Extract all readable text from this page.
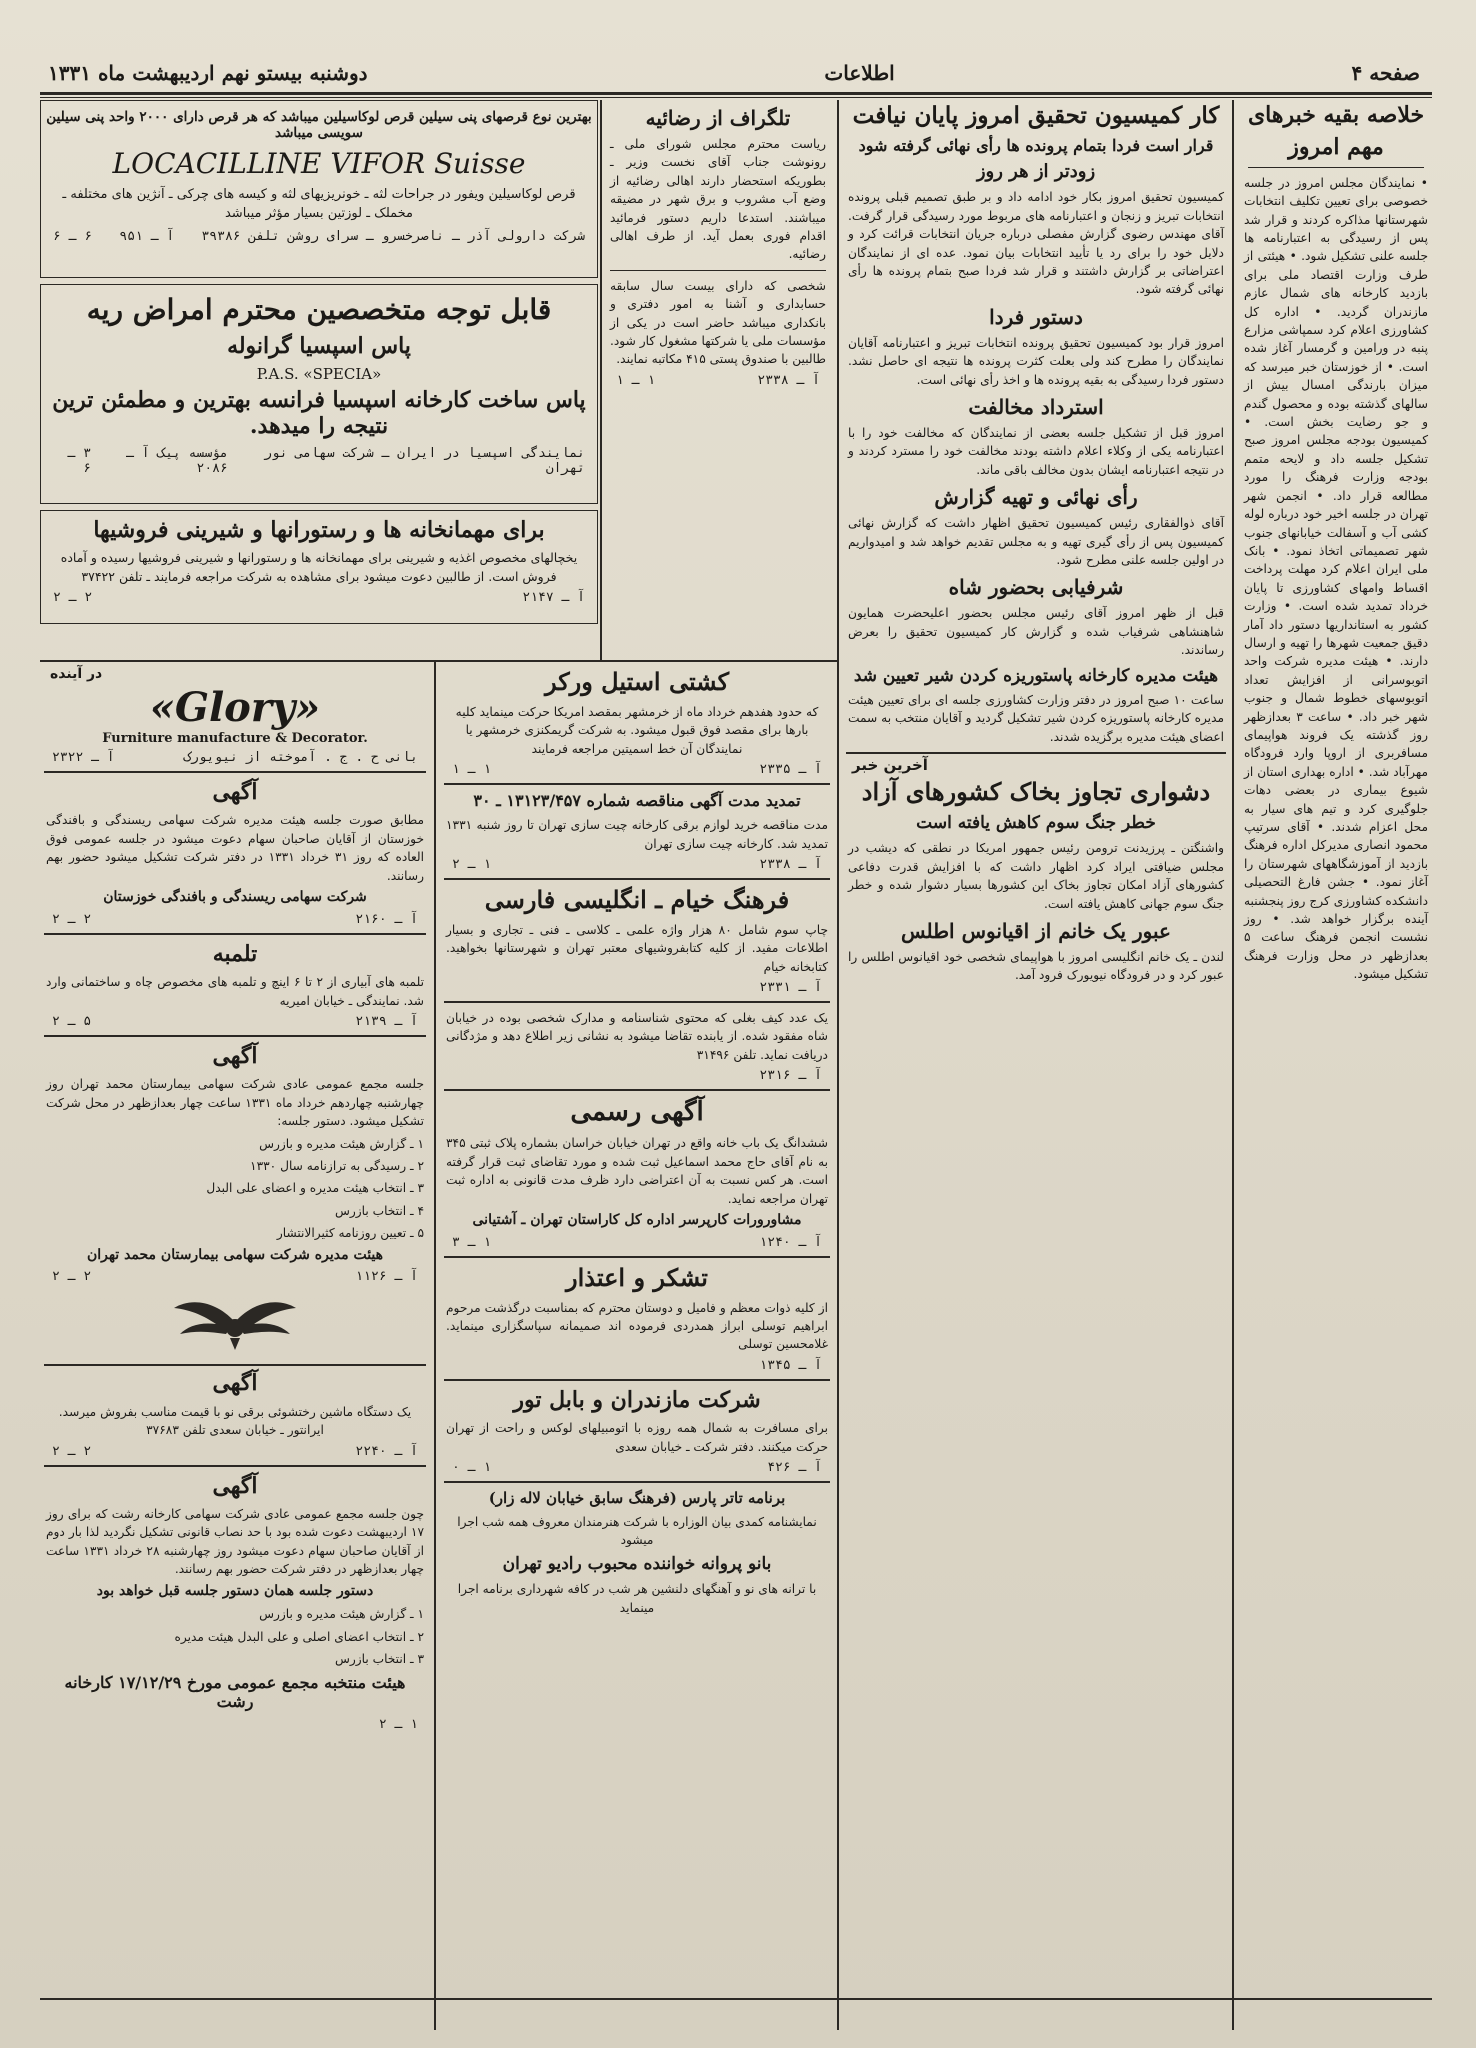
صفحه ۴
اطلاعات
دوشنبه بیستو نهم اردیبهشت ماه ۱۳۳۱
خلاصه بقیه خبرهای
مهم امروز

• نمایندگان مجلس امروز در جلسه خصوصی برای تعیین تکلیف انتخابات شهرستانها مذاکره کردند و قرار شد پس از رسیدگی به اعتبارنامه ها جلسه علنی تشکیل شود. • هیئتی از طرف وزارت اقتصاد ملی برای بازدید کارخانه های شمال عازم مازندران گردید. • اداره کل کشاورزی اعلام کرد سمپاشی مزارع پنبه در ورامین و گرمسار آغاز شده است. • از خوزستان خبر میرسد که میزان بارندگی امسال بیش از سالهای گذشته بوده و محصول گندم و جو رضایت بخش است. • کمیسیون بودجه مجلس امروز صبح تشکیل جلسه داد و لایحه متمم بودجه وزارت فرهنگ را مورد مطالعه قرار داد. • انجمن شهر تهران در جلسه اخیر خود درباره لوله کشی آب و آسفالت خیابانهای جنوب شهر تصمیماتی اتخاذ نمود. • بانک ملی ایران اعلام کرد مهلت پرداخت اقساط وامهای کشاورزی تا پایان خرداد تمدید شده است. • وزارت کشور به استانداریها دستور داد آمار دقیق جمعیت شهرها را تهیه و ارسال دارند. • هیئت مدیره شرکت واحد اتوبوسرانی از افزایش تعداد اتوبوسهای خطوط شمال و جنوب شهر خبر داد. • ساعت ۳ بعدازظهر روز گذشته یک فروند هواپیمای مسافربری از اروپا وارد فرودگاه مهرآباد شد. • اداره بهداری استان از شیوع بیماری در بعضی دهات جلوگیری کرد و تیم های سیار به محل اعزام شدند. • آقای سرتیپ محمود انصاری مدیرکل اداره فرهنگ بازدید از آموزشگاههای شهرستان را آغاز نمود. • جشن فارغ التحصیلی دانشکده کشاورزی کرج روز پنجشنبه آینده برگزار خواهد شد. • روز نشست انجمن فرهنگ ساعت ۵ بعدازظهر در محل وزارت فرهنگ تشکیل میشود.

کار کمیسیون تحقیق امروز پایان نیافت
قرار است فردا بتمام پرونده ها رأی نهائی گرفته شود
زودتر از هر روز

کمیسیون تحقیق امروز بکار خود ادامه داد و بر طبق تصمیم قبلی پرونده انتخابات تبریز و زنجان و اعتبارنامه های مربوط مورد رسیدگی قرار گرفت. آقای مهندس رضوی گزارش مفصلی درباره جریان انتخابات قرائت کرد و دلایل خود را برای رد یا تأیید انتخابات بیان نمود. عده ای از نمایندگان اعتراضاتی بر گزارش داشتند و قرار شد فردا صبح بتمام پرونده ها رأی نهائی گرفته شود.

دستور فردا

امروز قرار بود کمیسیون تحقیق پرونده انتخابات تبریز و اعتبارنامه آقایان نمایندگان را مطرح کند ولی بعلت کثرت پرونده ها نتیجه ای حاصل نشد. دستور فردا رسیدگی به بقیه پرونده ها و اخذ رأی نهائی است.

استرداد مخالفت

امروز قبل از تشکیل جلسه بعضی از نمایندگان که مخالفت خود را با اعتبارنامه یکی از وکلاء اعلام داشته بودند مخالفت خود را مسترد کردند و در نتیجه اعتبارنامه ایشان بدون مخالف باقی ماند.

رأی نهائی و تهیه گزارش

آقای ذوالفقاری رئیس کمیسیون تحقیق اظهار داشت که گزارش نهائی کمیسیون پس از رأی گیری تهیه و به مجلس تقدیم خواهد شد و امیدواریم در اولین جلسه علنی مطرح شود.

شرفیابی بحضور شاه

قبل از ظهر امروز آقای رئیس مجلس بحضور اعلیحضرت همایون شاهنشاهی شرفیاب شده و گزارش کار کمیسیون تحقیق را بعرض رساندند.

هیئت مدیره کارخانه پاستوریزه کردن شیر تعیین شد

ساعت ۱۰ صبح امروز در دفتر وزارت کشاورزی جلسه ای برای تعیین هیئت مدیره کارخانه پاستوریزه کردن شیر تشکیل گردید و آقایان منتخب به سمت اعضای هیئت مدیره برگزیده شدند.

آخرین خبر
دشواری تجاوز بخاک کشورهای آزاد
خطر جنگ سوم کاهش یافته است

واشنگتن ـ پرزیدنت ترومن رئیس جمهور امریکا در نطقی که دیشب در مجلس ضیافتی ایراد کرد اظهار داشت که با افزایش قدرت دفاعی کشورهای آزاد امکان تجاوز بخاک این کشورها بسیار دشوار شده و خطر جنگ سوم جهانی کاهش یافته است.

عبور یک خانم از اقیانوس اطلس

لندن ـ یک خانم انگلیسی امروز با هواپیمای شخصی خود اقیانوس اطلس را عبور کرد و در فرودگاه نیویورک فرود آمد.

بهترین نوع قرصهای پنی سیلین قرص لوکاسیلین میباشد که هر قرص دارای ۲۰۰۰ واحد پنی سیلین سویسی میباشد
LOCACILLINE VIFOR Suisse

قرص لوکاسیلین ویفور در جراحات لثه ـ خونریزیهای لثه و کیسه های چرکی ـ آنژین های مختلفه ـ مخملک ـ لوزتین بسیار مؤثر میباشد

شرکت دارولی آذر ـ ناصرخسرو ـ سرای روشن تلفن ۳۹۳۸۶
آ ـ ۹۵۱
۶ ـ ۶
قابل توجه متخصصین محترم امراض ریه
پاس اسپسیا گرانوله
P.A.S. «SPECIA»
پاس ساخت کارخانه اسپسیا فرانسه بهترین و مطمئن ترین نتیجه را میدهد.
نمایندگی اسپسیا در ایران ـ شرکت سهامی نور تهران
مؤسسه پیک آ ـ ۲۰۸۶
۳ ـ ۶
برای مهمانخانه ها و رستورانها و شیرینی فروشیها

یخچالهای مخصوص اغذیه و شیرینی برای مهمانخانه ها و رستورانها و شیرینی فروشیها رسیده و آماده فروش است. از طالبین دعوت میشود برای مشاهده به شرکت مراجعه فرمایند ـ تلفن ۳۷۴۲۲

آ ـ ۲۱۴۷
۲ ـ ۲
تلگراف از رضائیه

ریاست محترم مجلس شورای ملی ـ رونوشت جناب آقای نخست وزیر ـ بطوریکه استحضار دارند اهالی رضائیه از وضع آب مشروب و برق شهر در مضیقه میباشند. استدعا داریم دستور فرمائید اقدام فوری بعمل آید. از طرف اهالی رضائیه.

شخصی که دارای بیست سال سابقه حسابداری و آشنا به امور دفتری و بانکداری میباشد حاضر است در یکی از مؤسسات ملی یا شرکتها مشغول کار شود. طالبین با صندوق پستی ۴۱۵ مکاتبه نمایند.

آ ـ ۲۳۳۸
۱ ـ ۱
کشتی استیل ورکر

که حدود هفدهم خرداد ماه از خرمشهر بمقصد امریکا حرکت مینماید کلیه بارها برای مقصد فوق قبول میشود. به شرکت گریمکنزی خرمشهر یا نمایندگان آن خط اسمیتین مراجعه فرمایند

آ ـ ۲۳۳۵
۱ ـ ۱
تمدید مدت آگهی مناقصه شماره ۱۳۱۲۳/۴۵۷ ـ ۳۰

مدت مناقصه خرید لوازم برقی کارخانه چیت سازی تهران تا روز شنبه ۱۳۳۱ تمدید شد. کارخانه چیت سازی تهران

آ ـ ۲۳۳۸
۱ ـ ۲
فرهنگ خیام ـ انگلیسی فارسی

چاپ سوم شامل ۸۰ هزار واژه علمی ـ کلاسی ـ فنی ـ تجاری و بسیار اطلاعات مفید. از کلیه کتابفروشیهای معتبر تهران و شهرستانها بخواهید. کتابخانه خیام

آ ـ ۲۳۳۱

یک عدد کیف بغلی که محتوی شناسنامه و مدارک شخصی بوده در خیابان شاه مفقود شده. از یابنده تقاضا میشود به نشانی زیر اطلاع دهد و مژدگانی دریافت نماید. تلفن ۳۱۴۹۶

آ ـ ۲۳۱۶
آگهی رسمی

ششدانگ یک باب خانه واقع در تهران خیابان خراسان بشماره پلاک ثبتی ۳۴۵ به نام آقای حاج محمد اسماعیل ثبت شده و مورد تقاضای ثبت قرار گرفته است. هر کس نسبت به آن اعتراضی دارد ظرف مدت قانونی به اداره ثبت تهران مراجعه نماید.

مشاورورات کارپرسر اداره کل کاراستان تهران ـ آشتیانی
آ ـ ۱۲۴۰
۱ ـ ۳
تشکر و اعتذار

از کلیه ذوات معظم و فامیل و دوستان محترم که بمناسبت درگذشت مرحوم ابراهیم توسلی ابراز همدردی فرموده اند صمیمانه سپاسگزاری مینماید. غلامحسین توسلی

آ ـ ۱۳۴۵
شرکت مازندران و بابل تور

برای مسافرت به شمال همه روزه با اتومبیلهای لوکس و راحت از تهران حرکت میکنند. دفتر شرکت ـ خیابان سعدی

آ ـ ۴۲۶
۱ ـ ۰
برنامه تاتر پارس (فرهنگ سابق خیابان لاله زار)

نمایشنامه کمدی بیان الوزاره با شرکت هنرمندان معروف همه شب اجرا میشود

بانو پروانه خواننده محبوب رادیو تهران

با ترانه های نو و آهنگهای دلنشین هر شب در کافه شهرداری برنامه اجرا مینماید

در آینده
«Glory»
Furniture manufacture & Decorator.
بانی ح . ج . آموخته از نیویورک
آ ـ ۲۳۲۲
آگهی

مطابق صورت جلسه هیئت مدیره شرکت سهامی ریسندگی و بافندگی خوزستان از آقایان صاحبان سهام دعوت میشود در جلسه عمومی فوق العاده که روز ۳۱ خرداد ۱۳۳۱ در دفتر شرکت تشکیل میشود حضور بهم رسانند.

شرکت سهامی ریسندگی و بافندگی خوزستان
آ ـ ۲۱۶۰
۲ ـ ۲
تلمبه

تلمبه های آبیاری از ۲ تا ۶ اینچ و تلمبه های مخصوص چاه و ساختمانی وارد شد. نمایندگی ـ خیابان امیریه

آ ـ ۲۱۳۹
۵ ـ ۲
آگهی

جلسه مجمع عمومی عادی شرکت سهامی بیمارستان محمد تهران روز چهارشنبه چهاردهم خرداد ماه ۱۳۳۱ ساعت چهار بعدازظهر در محل شرکت تشکیل میشود. دستور جلسه:

۱ ـ گزارش هیئت مدیره و بازرس
۲ ـ رسیدگی به ترازنامه سال ۱۳۳۰
۳ ـ انتخاب هیئت مدیره و اعضای علی البدل
۴ ـ انتخاب بازرس
۵ ـ تعیین روزنامه کثیرالانتشار
هیئت مدیره شرکت سهامی بیمارستان محمد تهران
آ ـ ۱۱۲۶
۲ ـ ۲
آگهی

یک دستگاه ماشین رختشوئی برقی نو با قیمت مناسب بفروش میرسد. ایرانتور ـ خیابان سعدی تلفن ۳۷۶۸۳

آ ـ ۲۲۴۰
۲ ـ ۲
آگهی

چون جلسه مجمع عمومی عادی شرکت سهامی کارخانه رشت که برای روز ۱۷ اردیبهشت دعوت شده بود با حد نصاب قانونی تشکیل نگردید لذا بار دوم از آقایان صاحبان سهام دعوت میشود روز چهارشنبه ۲۸ خرداد ۱۳۳۱ ساعت چهار بعدازظهر در دفتر شرکت حضور بهم رسانند.

دستور جلسه همان دستور جلسه قبل خواهد بود
۱ ـ گزارش هیئت مدیره و بازرس
۲ ـ انتخاب اعضای اصلی و علی البدل هیئت مدیره
۳ ـ انتخاب بازرس
هیئت منتخبه مجمع عمومی مورخ ۱۷/۱۲/۲۹ کارخانه رشت
۱ ـ ۲
